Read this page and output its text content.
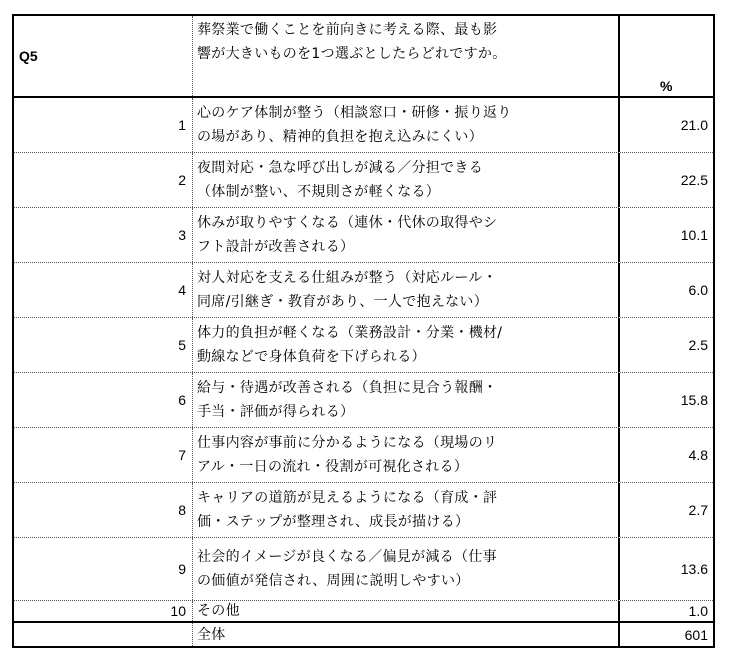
Q5
葬祭業で働くことを前向きに考える際、最も影
響が大きいものを1つ選ぶとしたらどれですか。
%
1
心のケア体制が整う（相談窓口・研修・振り返り
の場があり、精神的負担を抱え込みにくい）
21.0
2
夜間対応・急な呼び出しが減る／分担できる
（体制が整い、不規則さが軽くなる）
22.5
3
休みが取りやすくなる（連休・代休の取得やシ
フト設計が改善される）
10.1
4
対人対応を支える仕組みが整う（対応ルール・
同席/引継ぎ・教育があり、一人で抱えない）
6.0
5
体力的負担が軽くなる（業務設計・分業・機材/
動線などで身体負荷を下げられる）
2.5
6
給与・待遇が改善される（負担に見合う報酬・
手当・評価が得られる）
15.8
7
仕事内容が事前に分かるようになる（現場のリ
アル・一日の流れ・役割が可視化される）
4.8
8
キャリアの道筋が見えるようになる（育成・評
価・ステップが整理され、成長が描ける）
2.7
9
社会的イメージが良くなる／偏見が減る（仕事
の価値が発信され、周囲に説明しやすい）
13.6
10 その他	1.0
全体	601
